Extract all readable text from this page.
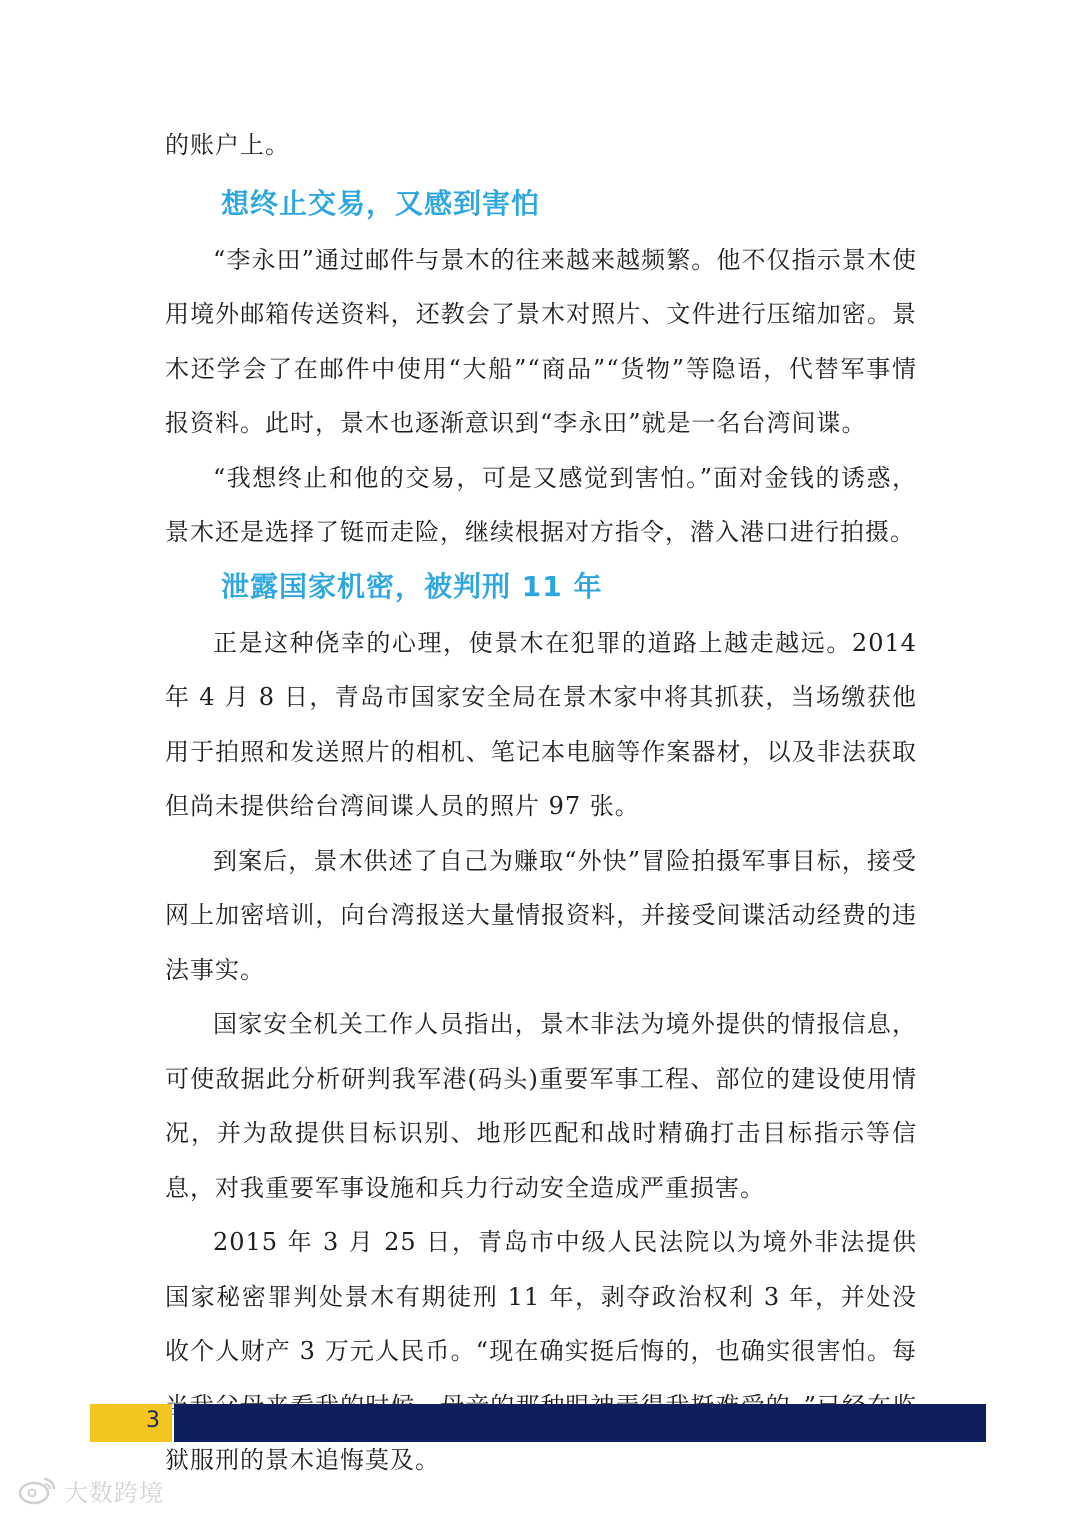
的账户上。

想终止交易，又感到害怕

“李永田”通过邮件与景木的往来越来越频繁。他不仅指示景木使用境外邮箱传送资料，还教会了景木对照片、文件进行压缩加密。景木还学会了在邮件中使用“大船”“商品”“货物”等隐语，代替军事情报资料。此时，景木也逐渐意识到“李永田”就是一名台湾间谍。

“我想终止和他的交易，可是又感觉到害怕。”面对金钱的诱惑，景木还是选择了铤而走险，继续根据对方指令，潜入港口进行拍摄。

泄露国家机密，被判刑 11 年

正是这种侥幸的心理，使景木在犯罪的道路上越走越远。2014 年 4 月 8 日，青岛市国家安全局在景木家中将其抓获，当场缴获他用于拍照和发送照片的相机、笔记本电脑等作案器材，以及非法获取但尚未提供给台湾间谍人员的照片 97 张。

到案后，景木供述了自己为赚取“外快”冒险拍摄军事目标，接受网上加密培训，向台湾报送大量情报资料，并接受间谍活动经费的违法事实。

国家安全机关工作人员指出，景木非法为境外提供的情报信息，可使敌据此分析研判我军港(码头)重要军事工程、部位的建设使用情况，并为敌提供目标识别、地形匹配和战时精确打击目标指示等信息，对我重要军事设施和兵力行动安全造成严重损害。

2015 年 3 月 25 日，青岛市中级人民法院以为境外非法提供国家秘密罪判处景木有期徒刑 11 年，剥夺政治权利 3 年，并处没收个人财产 3 万元人民币。“现在确实挺后悔的，也确实很害怕。每 狱服刑的景木追悔莫及。

3
大数跨境
